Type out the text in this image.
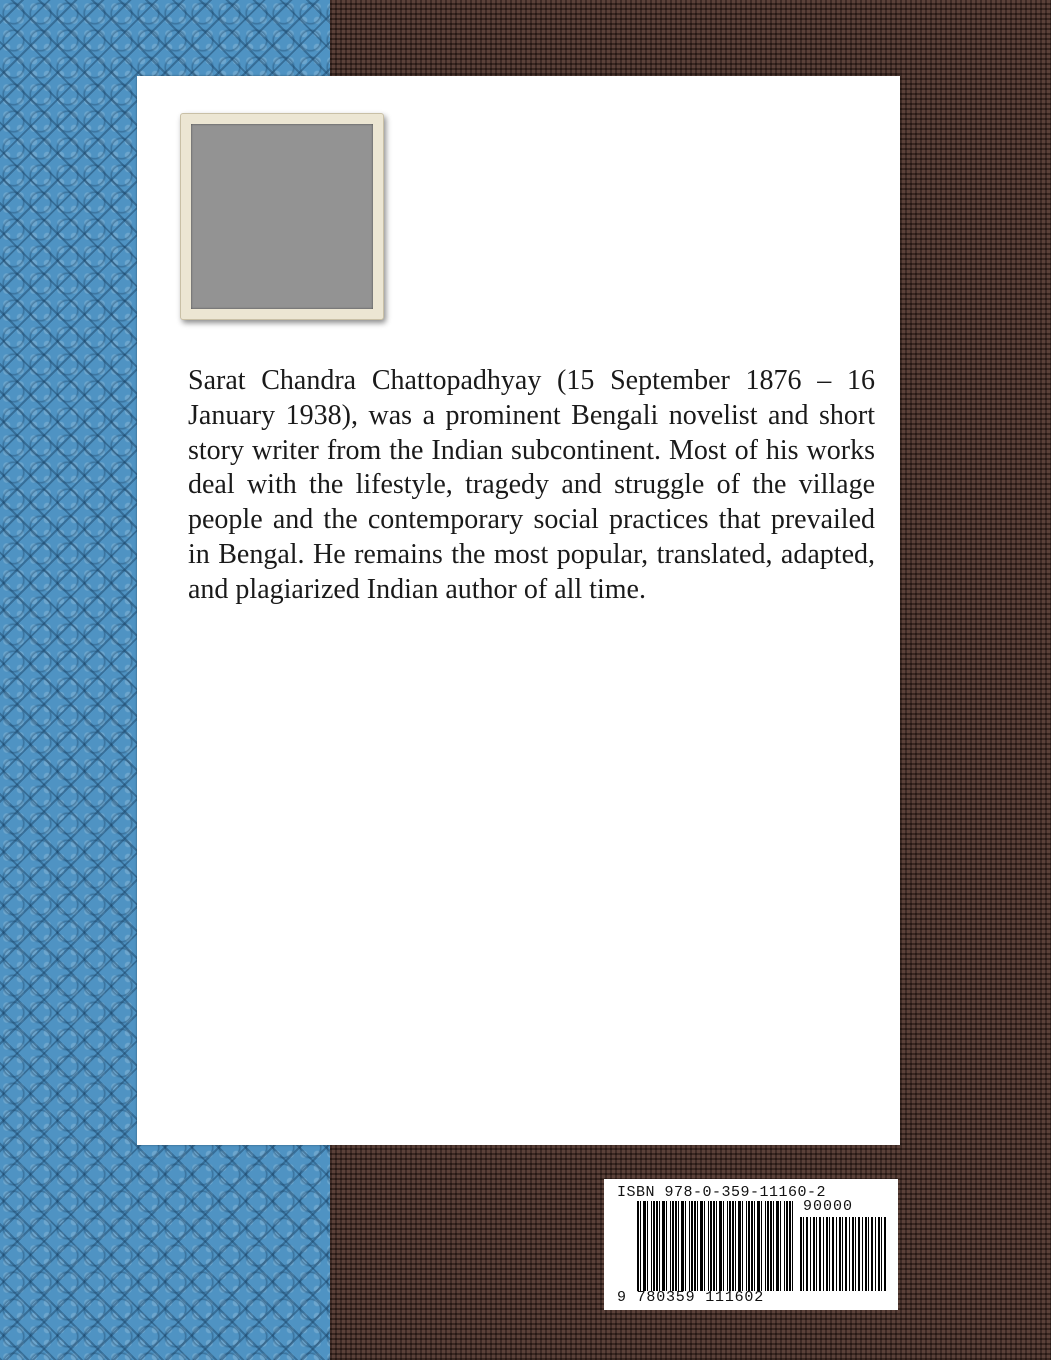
Sarat Chandra Chattopadhyay (15 September 1876 – 16 January 1938), was a prominent Bengali novelist and short story writer from the Indian subcontinent. Most of his works deal with the lifestyle, tragedy and struggle of the village people and the contemporary social practices that prevailed in Bengal. He remains the most popular, translated, adapted, and plagiarized Indian author of all time.

ISBN 978-0-359-11160-2
90000
9 780359 111602
